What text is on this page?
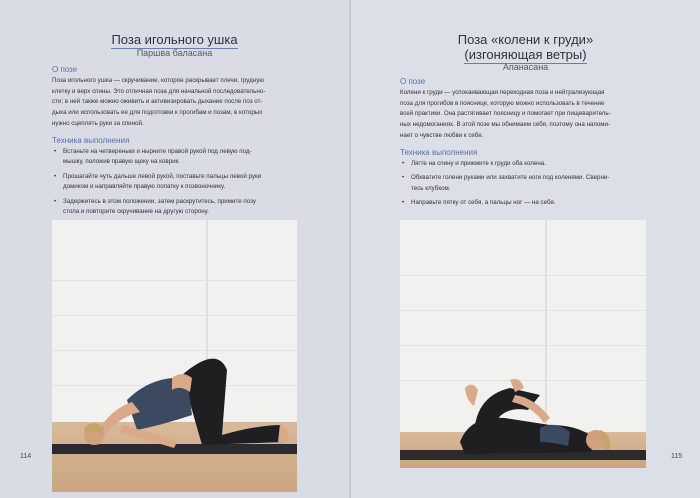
Поза игольного ушка
Паршва баласана
О позе
Поза игольного ушка — скручивание, которое раскрывает плечи, грудную
клетку и верх спины. Это отличная поза для начальной последовательно-
сти; в ней также можно оживить и активизировать дыхание после поз от-
дыха или использовать ее для подготовки к прогибам и позам, в которых
нужно сцеплять руки за спиной.
Техника выполнения
• Встаньте на четвереньки и нырните правой рукой под левую под-
мышку, положив правую щеку на коврик.
• Прошагайте чуть дальше левой рукой, поставьте пальцы левой руки
домиком и направляйте правую лопатку к позвоночнику.
• Задержитесь в этом положении, затем раскрутитесь, примите позу
стола и повторите скручивание на другую сторону.
114
Поза «колени к груди»
(изгоняющая ветры)
Апанасана
О позе
Колени к груди — успокаивающая переходная поза и нейтрализующая
поза для прогибов в пояснице, которую можно использовать в течение
всей практики. Она растягивает поясницу и помогает при пищеваритель-
ных недомоганиях. В этой позе мы обнимаем себя, поэтому она напоми-
нает о чувстве любви к себе.
Техника выполнения
• Лягте на спину и прижмите к груди оба колена.
• Обхватите голени руками или захватите ноги под коленями. Сверни-
тесь клубком.
• Направьте пятку от себя, а пальцы ног — на себя.
115
